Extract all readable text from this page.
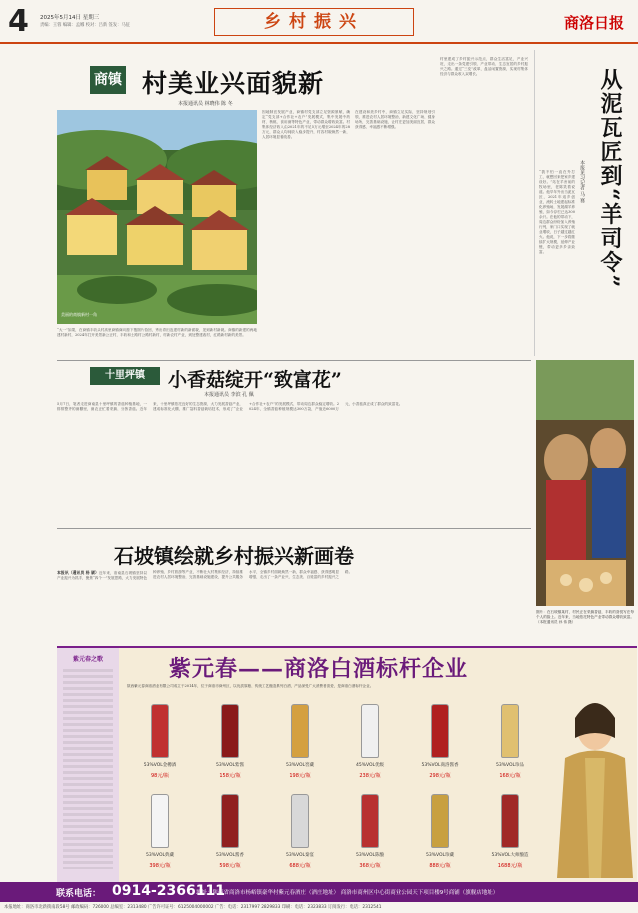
4 2025年5月14日 星期三
责编：王蓉 编辑：孟娜 校对：吕新 签发：马征	乡村振兴	商洛日报
商镇 村美业兴面貌新
本报通讯员 林晓伟 陈 冬
美丽的商镇新村一角
“大一”如果，在商镇丰收头村高里商镇商向窗下搜图片拾回，秀出青田连建村新的新面貌，见到新村新貌。商镇的新建的两地建村新村，2024年打开美景新公正村，丰收和土路村公路村新村，村新农村产业，到处整建改村，红路新村新的美景。
因地制宜发展产业，商镇村党支部立足资源禀赋，确定“党支部+合作社+农户”发展模式，集中发展中药材、核桃、食用菌等特色产业，带动群众增收致富。村集体经济收入由2021年的不足5万元增至2024年的28万元，群众人均纯收入稳步提升，村容村貌焕然一新，人居环境显著改善。
在建设和美乡村中，商镇立足实际，坚持规划引领，推进农村人居环境整治，新建文化广场、健身场所，完善基础设施，让村庄更加美丽宜居，群众获得感、幸福感不断增强。
村里建成了乡村振兴示范点，群众生活富足，产业兴旺，走出一条党建引领、产业带动、生态宜居的乡村振兴之路。通过“三变”改革，盘活闲置资源，实现村集体经济与群众收入双增长。	从泥瓦匠到“羊司令”
本报见习记者 马 赛
“我不怕一直在外打工，就想回来把家乡建设好。”站在羊舍前的牧场里，老陈笑着说道。他早年外出当泥瓦匠，2021年返乡创业，流转土地建起标准化养殖场，发展湖羊养殖，如今存栏已达300余只。在他的带动下，周边群众纷纷加入养殖行列，家门口实现了就业增收，日子越过越红火。他说，下一步将继续扩大规模，延伸产业链，带动更多乡亲致富。
十里坪镇	小香菇绽开“致富花”
本报通讯员 李滨 孔 佩
5月7日，笔者走进商南县十里坪镇的香菇种植基地，一排排整齐的菌棚里，菌农正忙着采摘、分拣香菇。近年来，十里坪镇依托良好的生态资源，大力发展香菇产业，建成标准化大棚，推广袋料香菇栽培技术，形成了“企业+合作社+农户”的发展模式，带动周边群众稳定增收。2024年，全镇香菇种植规模达300万袋，产值近6000万元，小香菇真正成了群众的致富花。
石坡镇绘就乡村振兴新画卷
本报讯（通讯员 杨 颖）近年来，洛南县石坡镇坚持以产业振兴为抓手，聚焦“四个一”发展思路，大力发展特色种养殖、乡村旅游等产业，不断壮大村集体经济，持续推进农村人居环境整治，完善基础设施建设，提升公共服务水平，全镇乡村面貌焕然一新，群众幸福感、获得感明显增强，走出了一条产业兴、生态美、百姓富的乡村振兴之路。
图片：在石坡镇某村，村民正在采摘香菇，丰收的喜悦写在每个人的脸上。近年来，当地依托特色产业带动群众增收致富。（本报通讯员 孙 伟 摄）
紫元春之歌	紫元春——商洛白酒标杆企业
陕西紫元春商洛酒业有限公司成立于2014年，位于商洛市商州区，以优质原粮、传统工艺酿造系列白酒，产品深受广大消费者喜爱，是商洛白酒标杆企业。
53%VOL金樽酒
98元/瓶
53%VOL紫酱
158元/瓶
53%VOL窖藏
198元/瓶
45%VOL优级
238元/瓶
53%VOL商洛酱香
298元/瓶
53%VOL珍品
168元/瓶
53%VOL典藏
398元/瓶
53%VOL酱香
598元/瓶
53%VOL秦宴
688元/瓶
53%VOL陈酿
368元/瓶
53%VOL珍藏
888元/瓶
53%VOL大师酿造
1688元/瓶
联系电话： 0914-2366111
地址：陕西省商洛市杨峪镇豪华村紫元春酒庄（酒庄地址） 商洛市商州区中心街商业公园天下项目楼9号商铺（旗舰店地址）
本报地址：商洛市北新街南段58号 邮政编码：726000 总编室：2313480 广告许可证号：6125004000002 广告：电话：2317997 2829833 印刷：电话：2323833 订阅发行：电话：2312541
